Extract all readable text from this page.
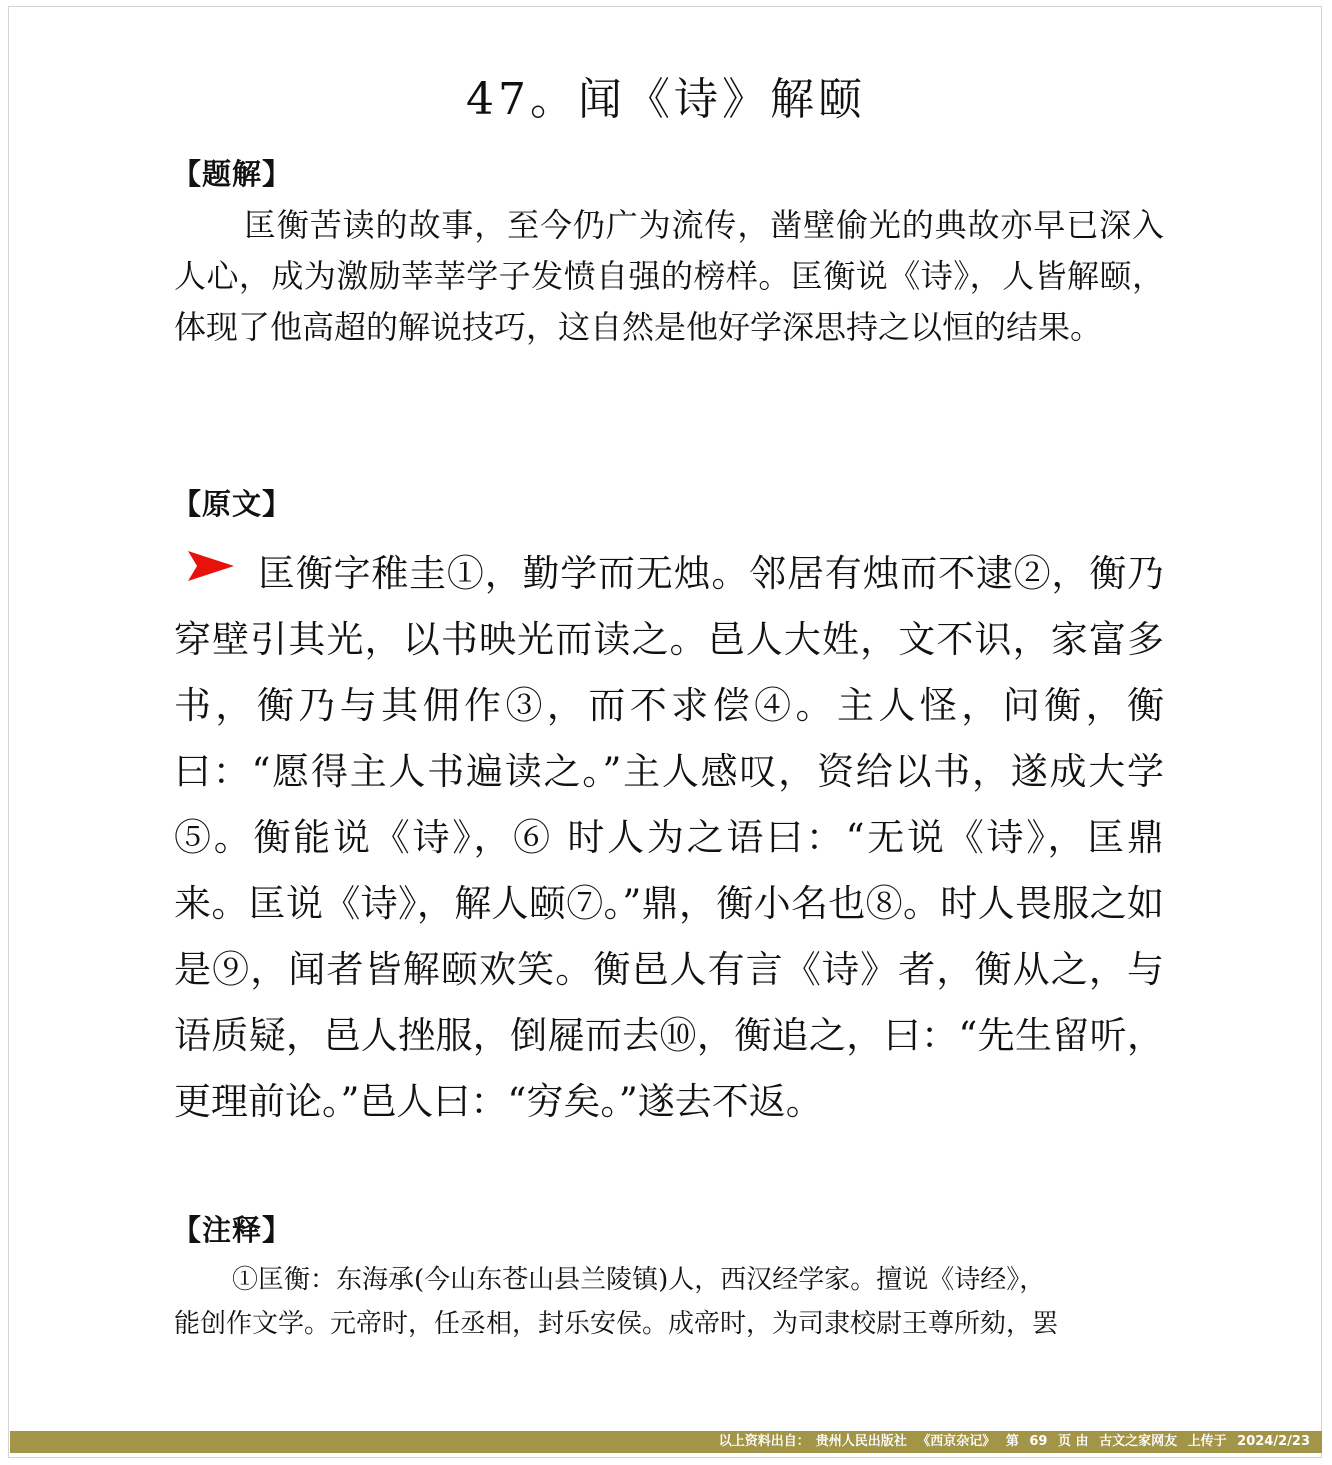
47。闻《诗》解颐
【题解】

匡衡苦读的故事，至今仍广为流传，凿壁偷光的典故亦早已深入人心，成为激励莘莘学子发愤自强的榜样。匡衡说《诗》，人皆解颐，体现了他高超的解说技巧，这自然是他好学深思持之以恒的结果。

【原文】

匡衡字稚圭①，勤学而无烛。邻居有烛而不逮②，衡乃穿壁引其光，以书映光而读之。邑人大姓，文不识，家富多书，衡乃与其佣作③，而不求偿④。主人怪，问衡，衡曰：“愿得主人书遍读之。”主人感叹，资给以书，遂成大学⑤。衡能说《诗》，⑥ 时人为之语曰：“无说《诗》，匡鼎来。匡说《诗》，解人颐⑦。”鼎，衡小名也⑧。时人畏服之如是⑨，闻者皆解颐欢笑。衡邑人有言《诗》者，衡从之，与语质疑，邑人挫服，倒屣而去⑩，衡追之，曰：“先生留听，更理前论。”邑人曰：“穷矣。”遂去不返。

【注释】

①匡衡：东海承(今山东苍山县兰陵镇)人，西汉经学家。擅说《诗经》，

能创作文学。元帝时，任丞相，封乐安侯。成帝时，为司隶校尉王尊所劾，罢

以上资料出自： 贵州人民出版社 《西京杂记》 第 69 页 由 古文之家网友 上传于 2024/2/23
